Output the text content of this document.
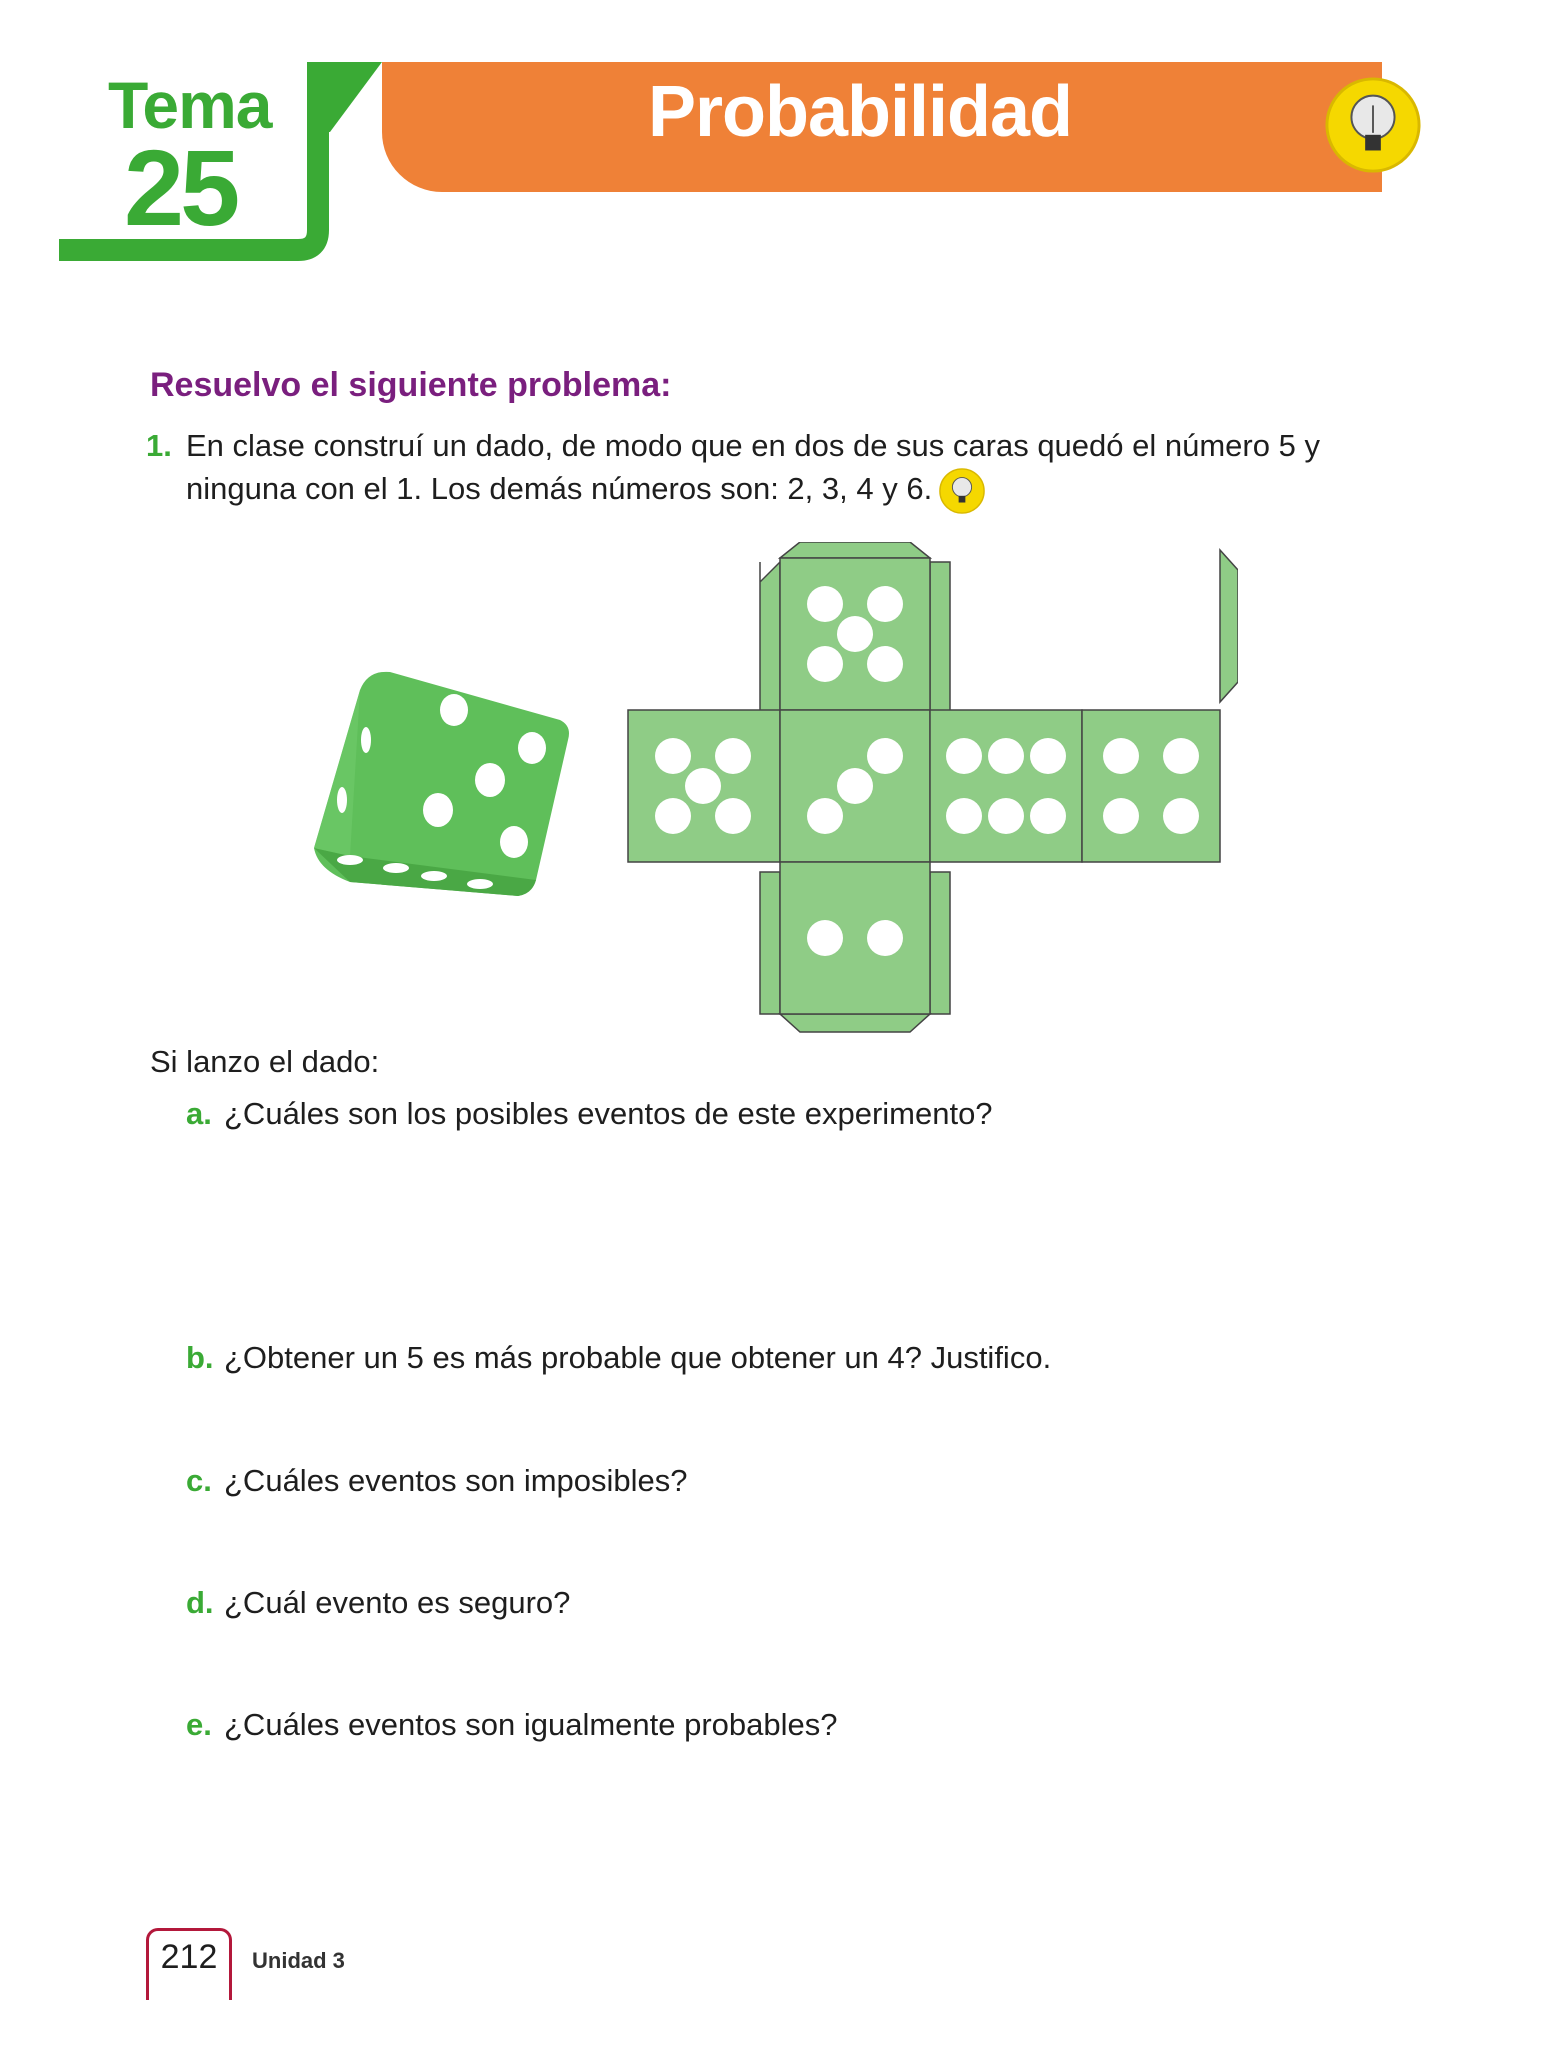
Tema
25
Probabilidad
Resuelvo el siguiente problema:
1. En clase construí un dado, de modo que en dos de sus caras quedó el número 5 y ninguna con el 1. Los demás números son: 2, 3, 4 y 6.
Si lanzo el dado:
a. ¿Cuáles son los posibles eventos de este experimento?
b. ¿Obtener un 5 es más probable que obtener un 4? Justifico.
c. ¿Cuáles eventos son imposibles?
d. ¿Cuál evento es seguro?
e. ¿Cuáles eventos son igualmente probables?
212	Unidad 3
